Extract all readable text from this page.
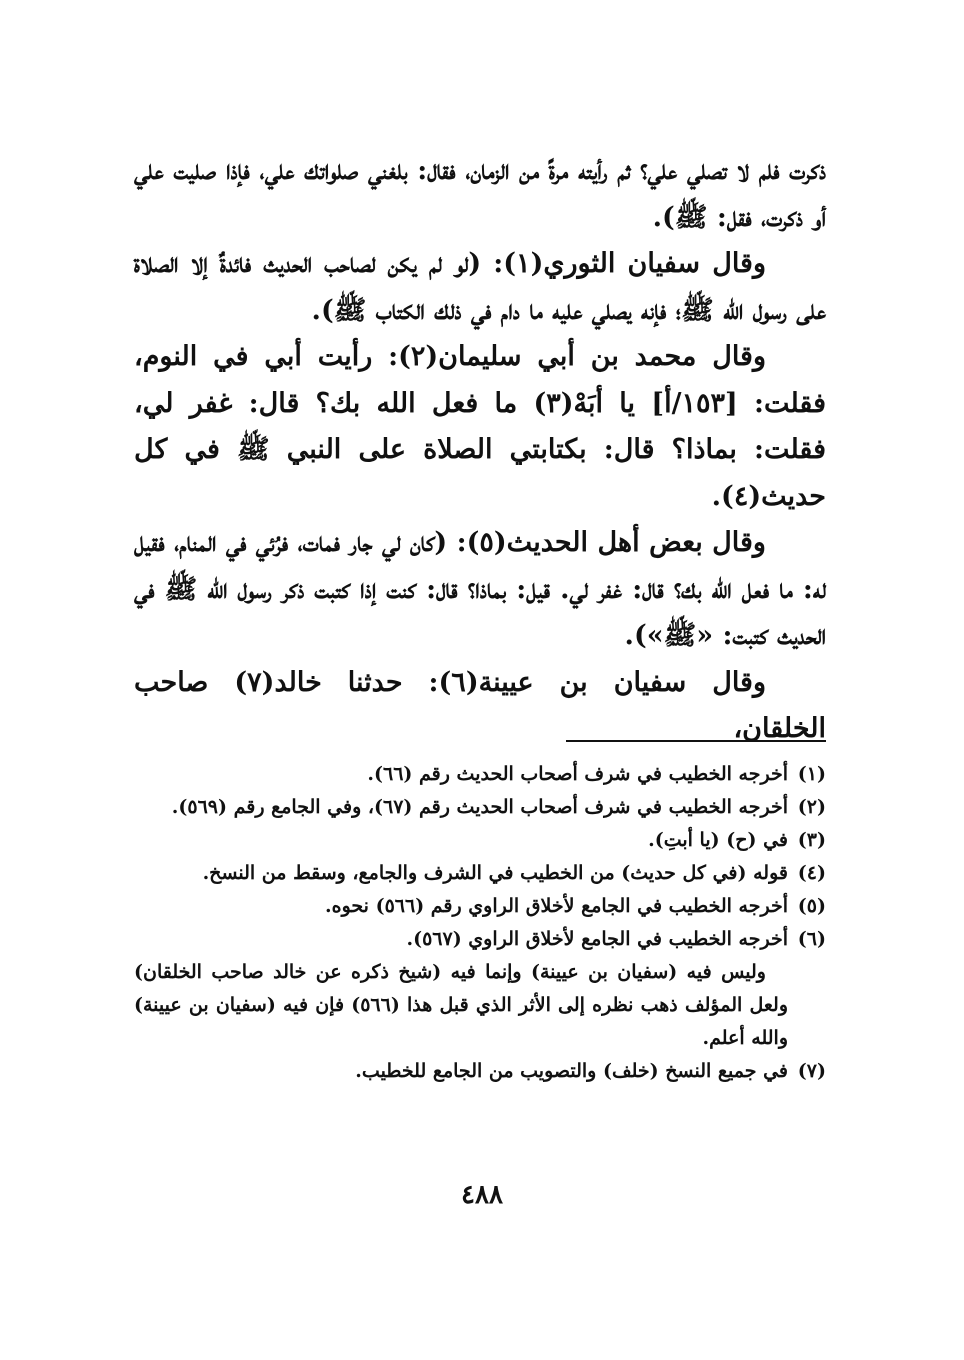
ذكرت فلم لا تصلي علي؟ ثم رأيته مرةً من الزمان، فقال: بلغني صلواتك علي، فإذا صليت علي أو ذكرت، فقل: ﷺ).

وقال سفيان الثوري(١): (لو لم يكن لصاحب الحديث فائدةٌ إلا الصلاة على رسول الله ﷺ؛ فإنه يصلي عليه ما دام في ذلك الكتاب ﷺ).

وقال محمد بن أبي سليمان(٢): رأيت أبي في النوم، فقلت: [١٥٣/أ] يا أبَهْ(٣) ما فعل الله بك؟ قال: غفر لي، فقلت: بماذا؟ قال: بكتابتي الصلاة على النبي ﷺ في كل حديث(٤).

وقال بعض أهل الحديث(٥): (كان لي جار فمات، فرُئي في المنام، فقيل له: ما فعل الله بك؟ قال: غفر لي. قيل: بماذا؟ قال: كنت إذا كتبت ذكر رسول الله ﷺ في الحديث كتبت: «ﷺ»).

وقال سفيان بن عيينة(٦): حدثنا خالد(٧) صاحب الخلقان،

(١)
أخرجه الخطيب في شرف أصحاب الحديث رقم (٦٦).
(٢)
أخرجه الخطيب في شرف أصحاب الحديث رقم (٦٧)، وفي الجامع رقم (٥٦٩).
(٣)
في (ح) (يا أبتِ).
(٤)
قوله (في كل حديث) من الخطيب في الشرف والجامع، وسقط من النسخ.
(٥)
أخرجه الخطيب في الجامع لأخلاق الراوي رقم (٥٦٦) نحوه.
(٦)
أخرجه الخطيب في الجامع لأخلاق الراوي (٥٦٧).
وليس فيه (سفيان بن عيينة) وإنما فيه (شيخ ذكره عن خالد صاحب الخلقان) ولعل المؤلف ذهب نظره إلى الأثر الذي قبل هذا (٥٦٦) فإن فيه (سفيان بن عيينة) والله أعلم.
(٧)
في جميع النسخ (خلف) والتصويب من الجامع للخطيب.
٤٨٨
